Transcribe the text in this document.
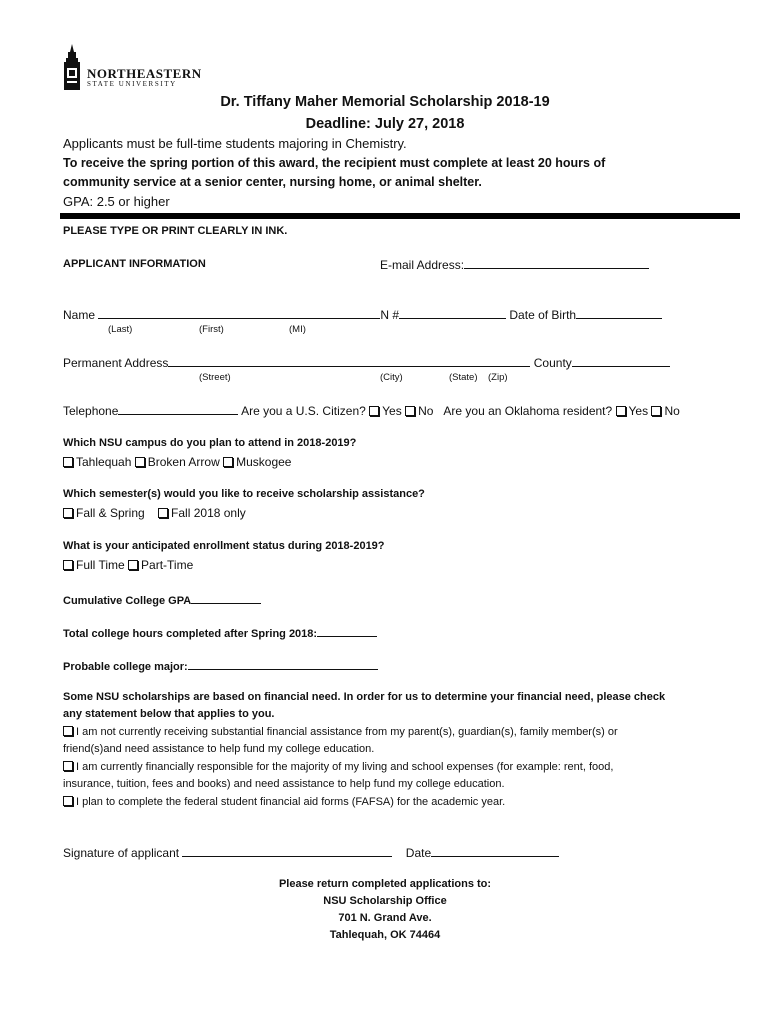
NORTHEASTERN
STATE UNIVERSITY
Dr. Tiffany Maher Memorial Scholarship 2018-19
Deadline: July 27, 2018
Applicants must be full-time students majoring in Chemistry.
To receive the spring portion of this award, the recipient must complete at least 20 hours of
community service at a senior center, nursing home, or animal shelter.
GPA: 2.5 or higher
PLEASE TYPE OR PRINT CLEARLY IN INK.
APPLICANT INFORMATION	E-mail Address:
Name	N #	Date of Birth
(Last)	(First)	(MI)
Permanent Address	County
(Street)	(City)	(State) (Zip)
Telephone	Are you a U.S. Citizen? Yes No Are you an Oklahoma resident? Yes No
Which NSU campus do you plan to attend in 2018-2019?
Tahlequah Broken Arrow Muskogee
Which semester(s) would you like to receive scholarship assistance?
Fall & Spring Fall 2018 only
What is your anticipated enrollment status during 2018-2019?
Full Time Part-Time
Cumulative College GPA
Total college hours completed after Spring 2018:
Probable college major:
Some NSU scholarships are based on financial need. In order for us to determine your financial need, please check
any statement below that applies to you.
I am not currently receiving substantial financial assistance from my parent(s), guardian(s), family member(s) or
friend(s)and need assistance to help fund my college education.
I am currently financially responsible for the majority of my living and school expenses (for example: rent, food,
insurance, tuition, fees and books) and need assistance to help fund my college education.
I plan to complete the federal student financial aid forms (FAFSA) for the academic year.
Signature of applicant	Date
Please return completed applications to:
NSU Scholarship Office
701 N. Grand Ave.
Tahlequah, OK 74464
